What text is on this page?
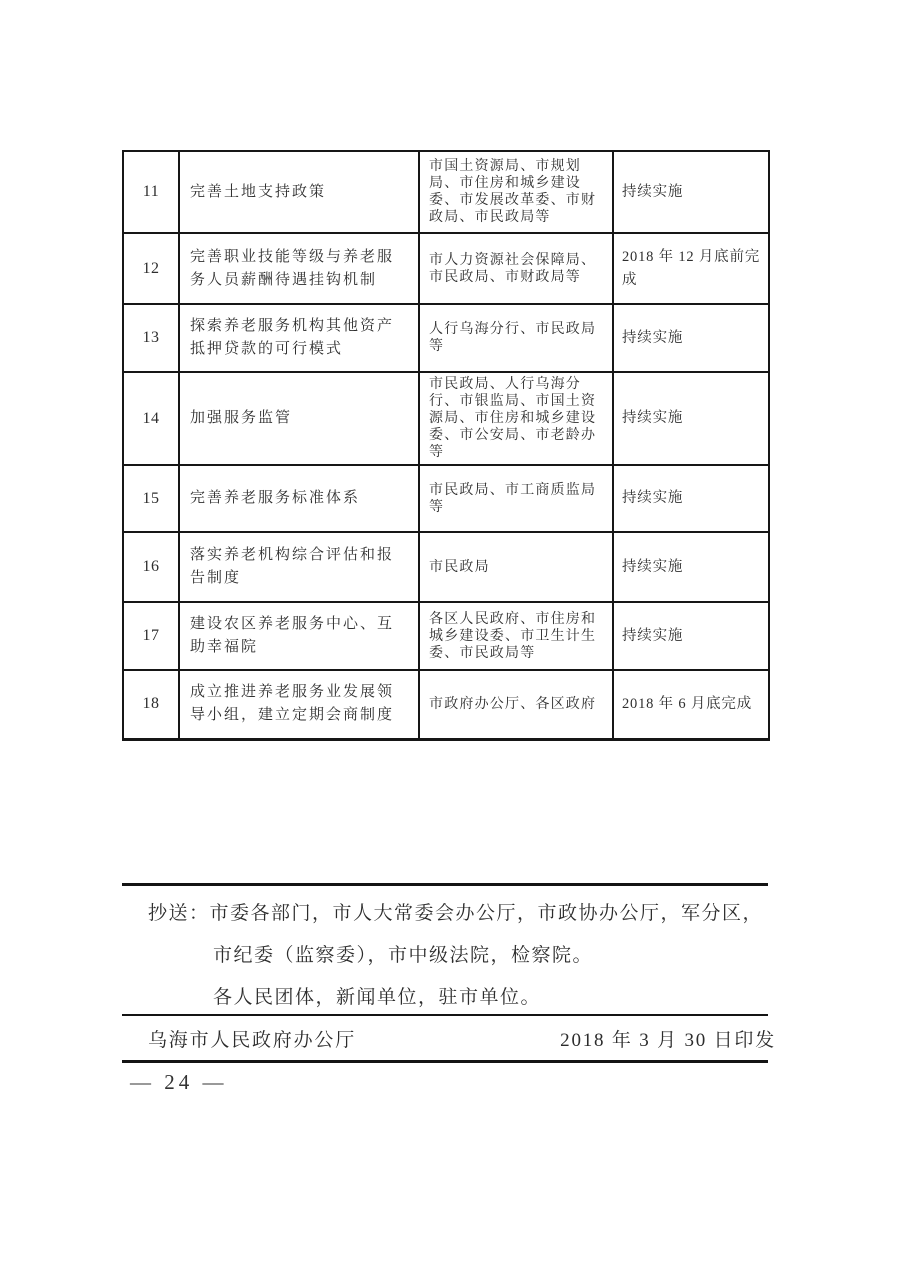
11	完善土地支持政策	市国土资源局、市规划局、市住房和城乡建设委、市发展改革委、市财政局、市民政局等	持续实施
12	完善职业技能等级与养老服务人员薪酬待遇挂钩机制	市人力资源社会保障局、市民政局、市财政局等	2018 年 12 月底前完成
13	探索养老服务机构其他资产抵押贷款的可行模式	人行乌海分行、市民政局等	持续实施
14	加强服务监管	市民政局、人行乌海分行、市银监局、市国土资源局、市住房和城乡建设委、市公安局、市老龄办等	持续实施
15	完善养老服务标准体系	市民政局、市工商质监局等	持续实施
16	落实养老机构综合评估和报告制度	市民政局	持续实施
17	建设农区养老服务中心、互助幸福院	各区人民政府、市住房和城乡建设委、市卫生计生委、市民政局等	持续实施
18	成立推进养老服务业发展领导小组，建立定期会商制度	市政府办公厅、各区政府	2018 年 6 月底完成
抄送：市委各部门，市人大常委会办公厅，市政协办公厅，军分区，
市纪委（监察委），市中级法院，检察院。
各人民团体，新闻单位，驻市单位。
乌海市人民政府办公厅	2018 年 3 月 30 日印发
— 24 —
